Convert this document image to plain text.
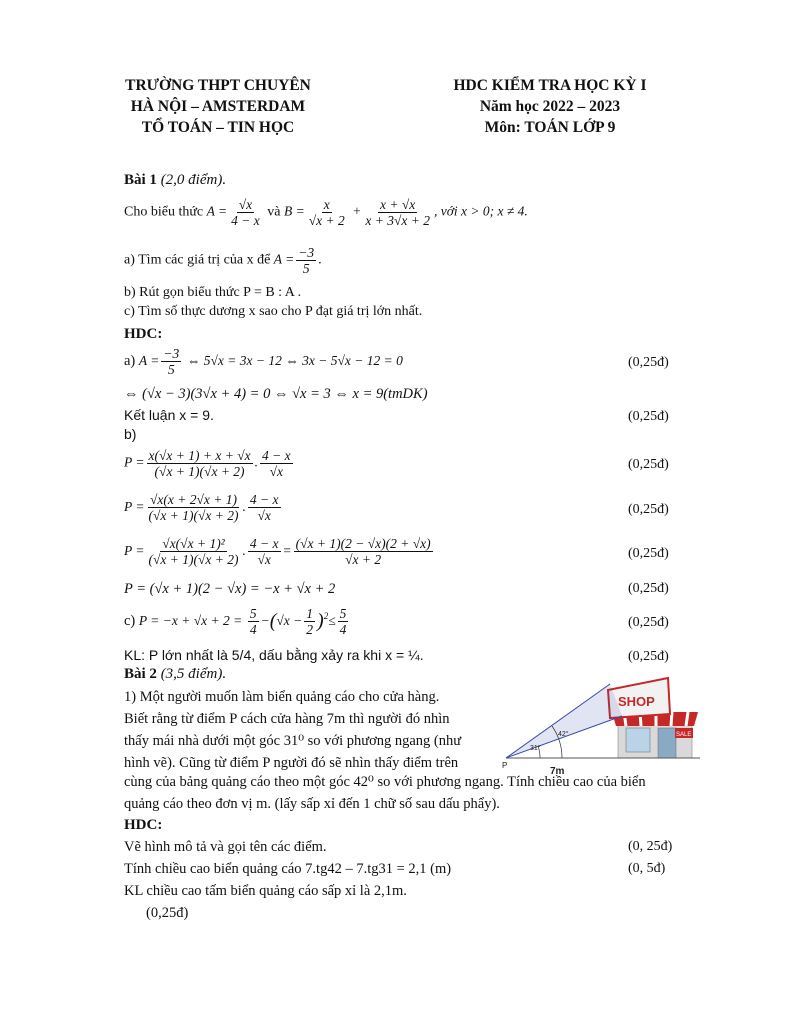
TRƯỜNG THPT CHUYÊN
HÀ NỘI – AMSTERDAM
TỔ TOÁN – TIN HỌC
HDC KIỂM TRA HỌC KỲ I
Năm học 2022 – 2023
Môn: TOÁN LỚP 9
Bài 1 (2,0 điểm).
Cho biểu thức $A = \frac{√x}{4 - x}$ và $B = \frac{x}{√x + 2} + \frac{x + √x}{x + 3√x + 2}$ , với x > 0; x ≠ 4.
a) Tìm các giá trị của x để $A = \frac{-3}{5}$ .
b) Rút gọn biểu thức P = B : A .
c) Tìm số thực dương x sao cho P đạt giá trị lớn nhất.
HDC:
a) $A = \frac{-3}{5}$ ⇔ 5√x = 3x − 12 ⇔ 3x − 5√x − 12 = 0	(0,25đ)
⇔ (√x − 3)(3√x + 4) = 0 ⇔ √x = 3 ⇔ x = 9(tmDK)
Kết luận x = 9.	(0,25đ)
b)
$P = \frac{x(√x + 1) + x + √x}{(√x + 1)(√x + 2)}$ . $\frac{4 - x}{√x}$	(0,25đ)
$P = \frac{√x(x + 2√x + 1)}{(√x + 1)(√x + 2)}$ . $\frac{4 - x}{√x}$	(0,25đ)
$P = \frac{\text{√x(√x + 1)²}}{(√x + 1)(√x + 2)}$ . $\frac{4 - x}{√x} = \frac{(√x + 1)(2 - √x)(2 + √x)}{√x + 2}$	(0,25đ)
P = (√x + 1)(2 − √x) = −x + √x + 2	(0,25đ)
c) $P = -x + √x + 2 = \frac{5}{4} -(√x - \frac{1}{2} )^2\le \frac{5}{4}$	(0,25đ)
KL: P lớn nhất là 5/4, dấu bằng xảy ra khi x = ¼.	(0,25đ)
Bài 2 (3,5 điểm).
1) Một người muốn làm biển quảng cáo cho cửa hàng.
Biết rằng từ điểm P cách cửa hàng 7m thì người đó nhìn
thấy mái nhà dưới một góc 31⁰ so với phương ngang (như
hình vẽ). Cũng từ điểm P người đó sẽ nhìn thấy điểm trên
cùng của bảng quảng cáo theo một góc 42⁰ so với phương ngang. Tính chiều cao của biển
quảng cáo theo đơn vị m. (lấy sấp xỉ đến 1 chữ số sau dấu phẩy).
SHOP
SALE
31°
42°
P
7m
HDC:
Vẽ hình mô tả và gọi tên các điểm.	(0, 25đ)
Tính chiều cao biển quảng cáo 7.tg42 – 7.tg31 = 2,1 (m)	(0, 5đ)
KL chiều cao tấm biển quảng cáo sấp xỉ là 2,1m.
(0,25đ)
